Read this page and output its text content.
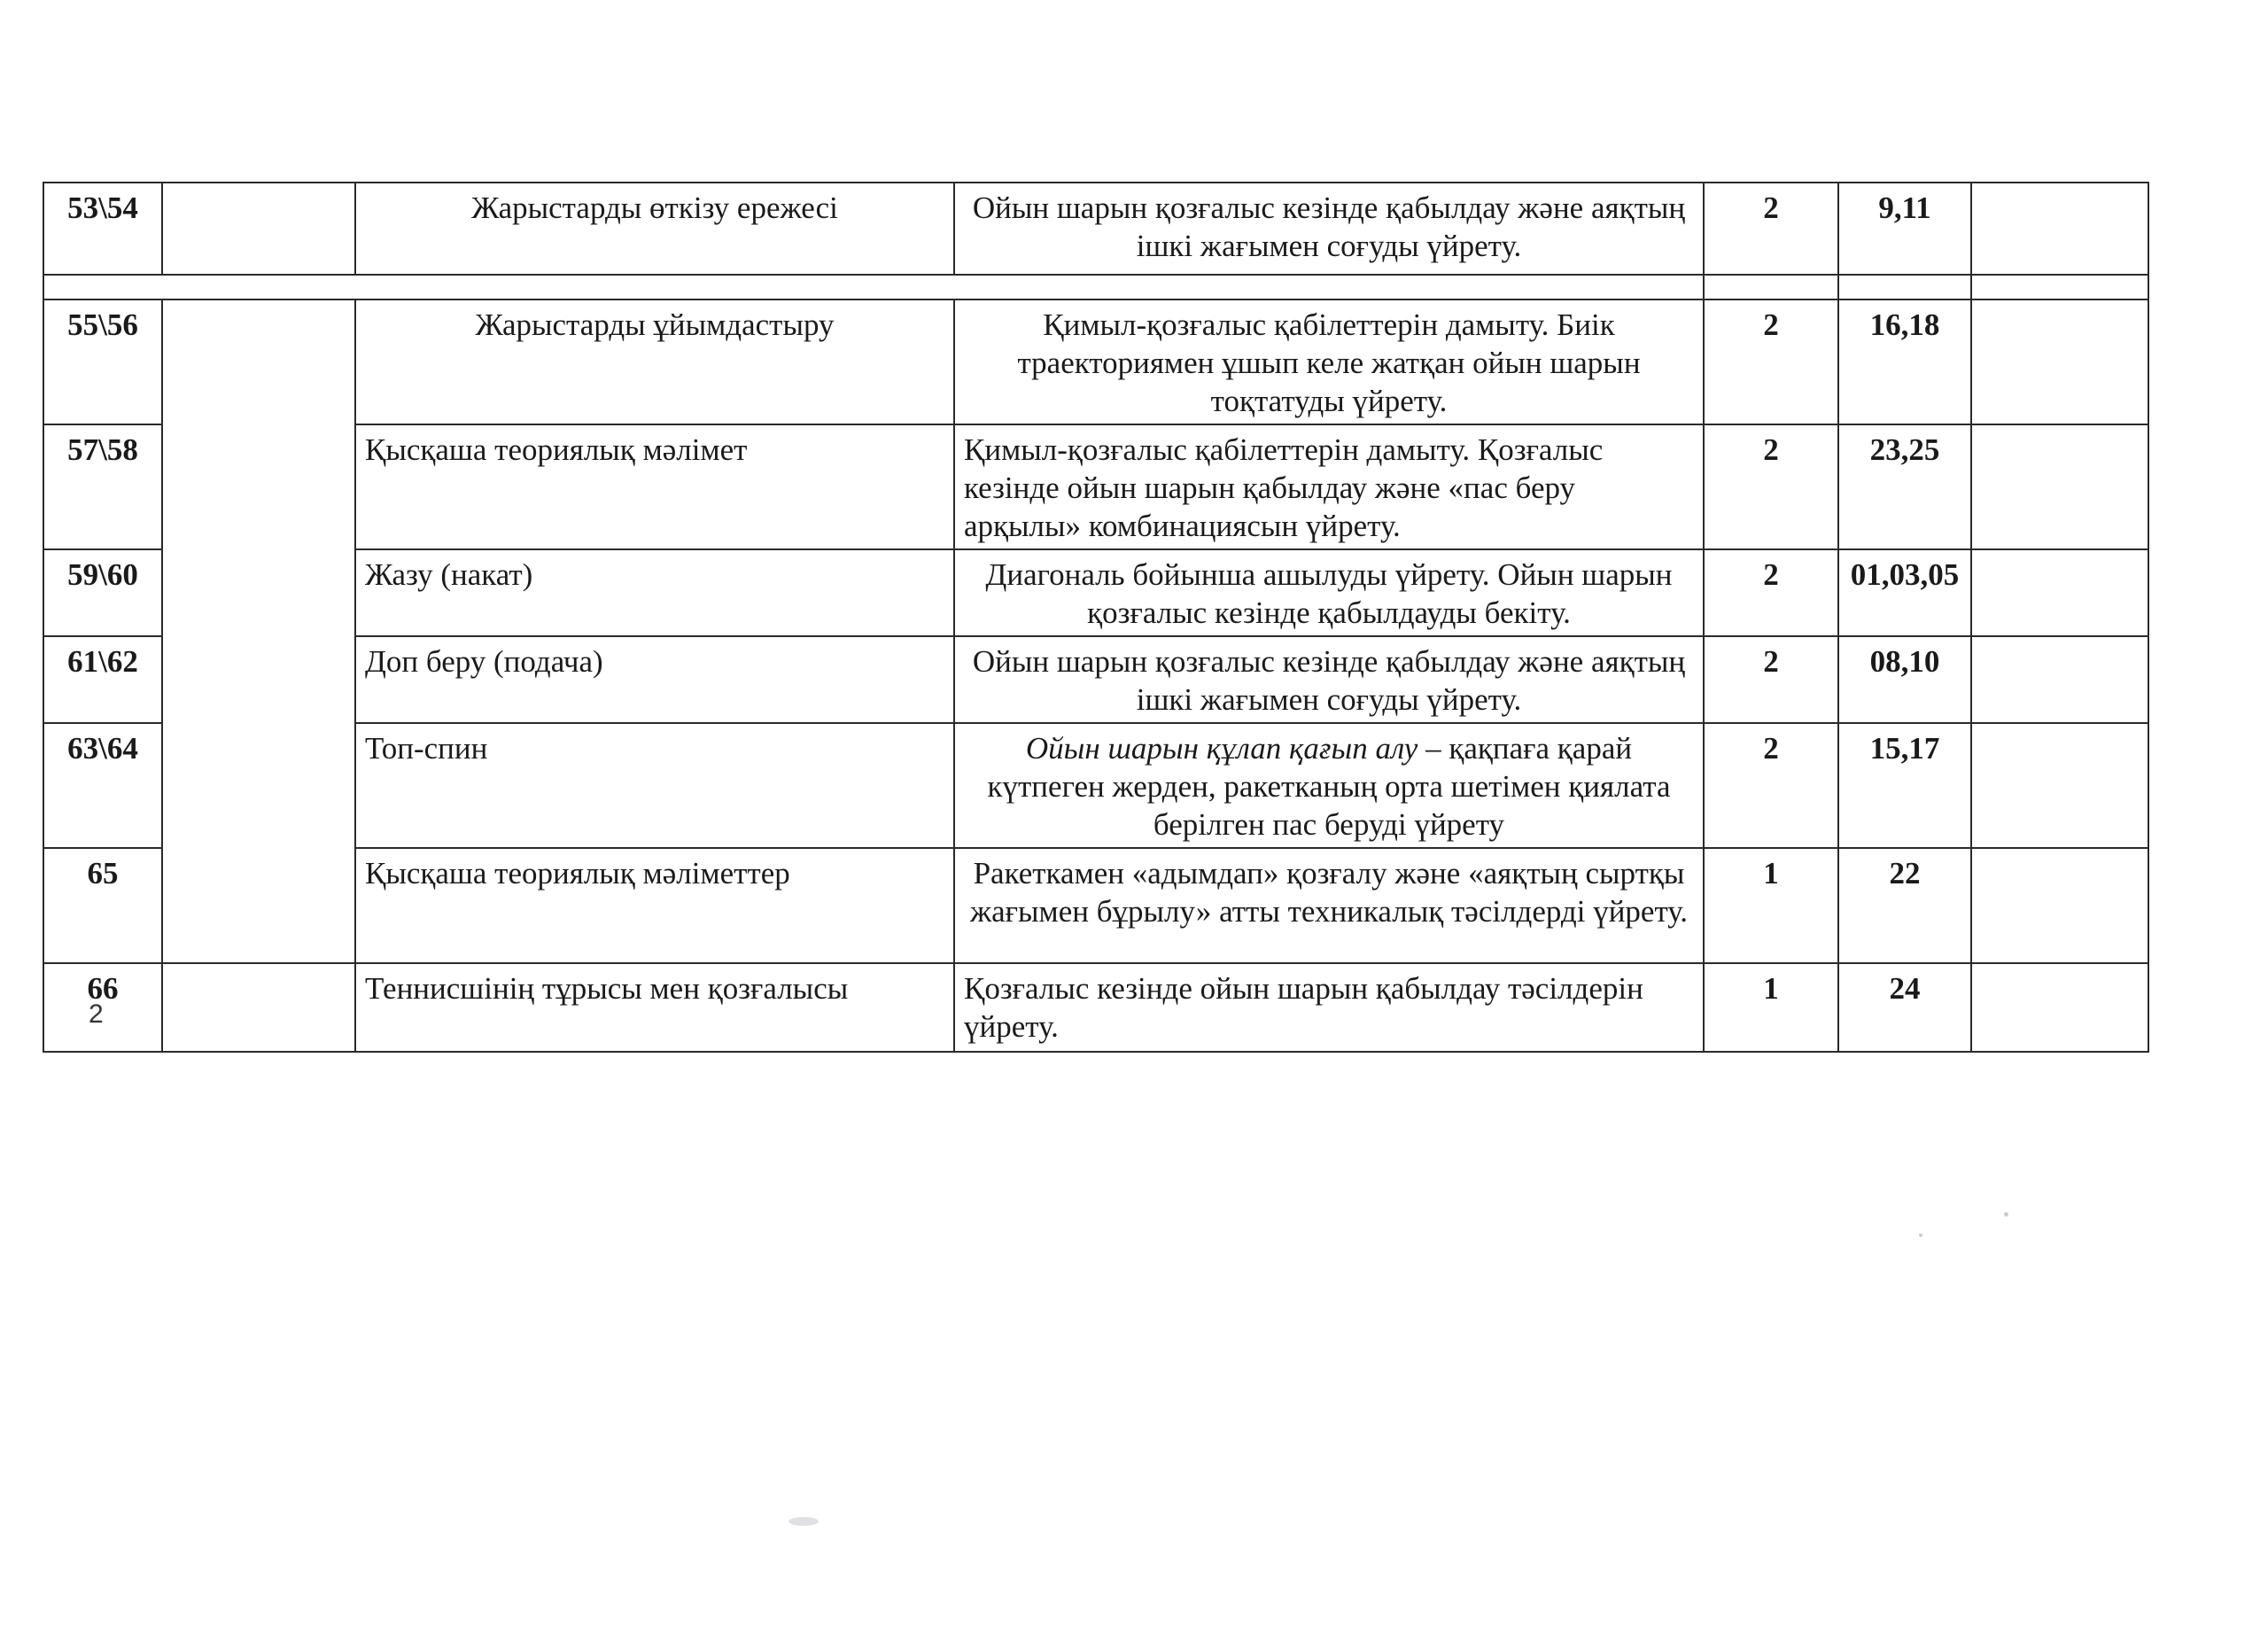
53\54		Жарыстарды өткізу ережесі	Ойын шарын қозғалыс кезінде қабылдау және аяқтың ішкі жағымен соғуды үйрету.	2	9,11	

55\56		Жарыстарды ұйымдастыру	Қимыл-қозғалыс қабілеттерін дамыту. Биік траекториямен ұшып келе жатқан ойын шарын тоқтатуды үйрету.	2	16,18	
57\58		Қысқаша теориялық мәлімет	Қимыл-қозғалыс қабілеттерін дамыту. Қозғалыс кезінде ойын шарын қабылдау және «пас беру арқылы» комбинациясын үйрету.	2	23,25	
59\60		Жазу (накат)	Диагональ бойынша ашылуды үйрету. Ойын шарын қозғалыс кезінде қабылдауды бекіту.	2	01,03,05	
61\62		Доп беру (подача)	Ойын шарын қозғалыс кезінде қабылдау және аяқтың ішкі жағымен соғуды үйрету.	2	08,10	
63\64		Топ-спин	Ойын шарын құлап қағып алу – қақпаға қарай күтпеген жерден, ракетканың орта шетімен қиялата берілген пас беруді үйрету	2	15,17	
65		Қысқаша теориялық мәліметтер	Ракеткамен «адымдап» қозғалу және «аяқтың сыртқы жағымен бұрылу» атты техникалық тәсілдерді үйрету.	1	22	
66		Теннисшінің тұрысы мен қозғалысы	Қозғалыс кезінде ойын шарын қабылдау тәсілдерін үйрету.	1	24	
2
